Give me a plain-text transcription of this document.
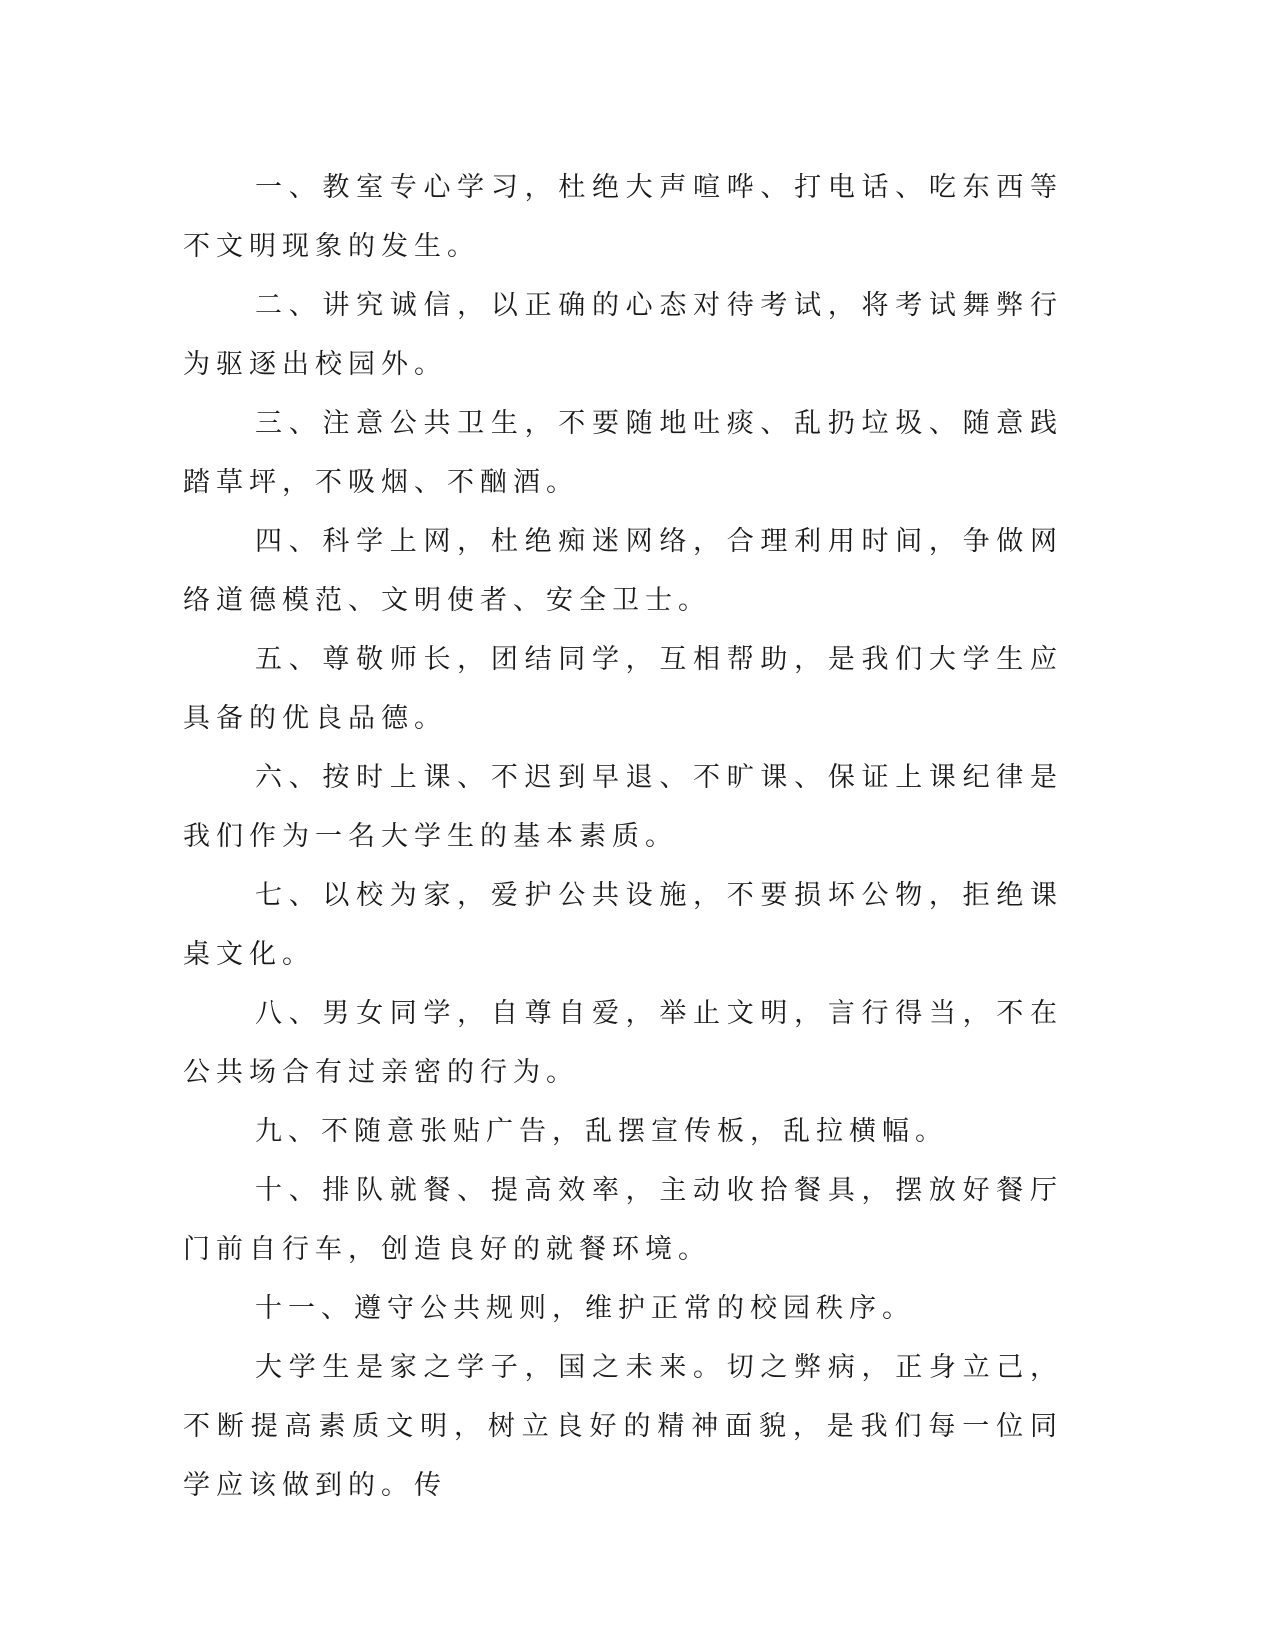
一、教室专心学习，杜绝大声喧哗、打电话、吃东西等不文明现象的发生。

二、讲究诚信，以正确的心态对待考试，将考试舞弊行为驱逐出校园外。

三、注意公共卫生，不要随地吐痰、乱扔垃圾、随意践踏草坪，不吸烟、不酗酒。

四、科学上网，杜绝痴迷网络，合理利用时间，争做网络道德模范、文明使者、安全卫士。

五、尊敬师长，团结同学，互相帮助，是我们大学生应具备的优良品德。

六、按时上课、不迟到早退、不旷课、保证上课纪律是我们作为一名大学生的基本素质。

七、以校为家，爱护公共设施，不要损坏公物，拒绝课桌文化。

八、男女同学，自尊自爱，举止文明，言行得当，不在公共场合有过亲密的行为。

九、不随意张贴广告，乱摆宣传板，乱拉横幅。

十、排队就餐、提高效率，主动收拾餐具，摆放好餐厅门前自行车，创造良好的就餐环境。

十一、遵守公共规则，维护正常的校园秩序。

大学生是家之学子，国之未来。切之弊病，正身立己，不断提高素质文明，树立良好的精神面貌，是我们每一位同学应该做到的。传
